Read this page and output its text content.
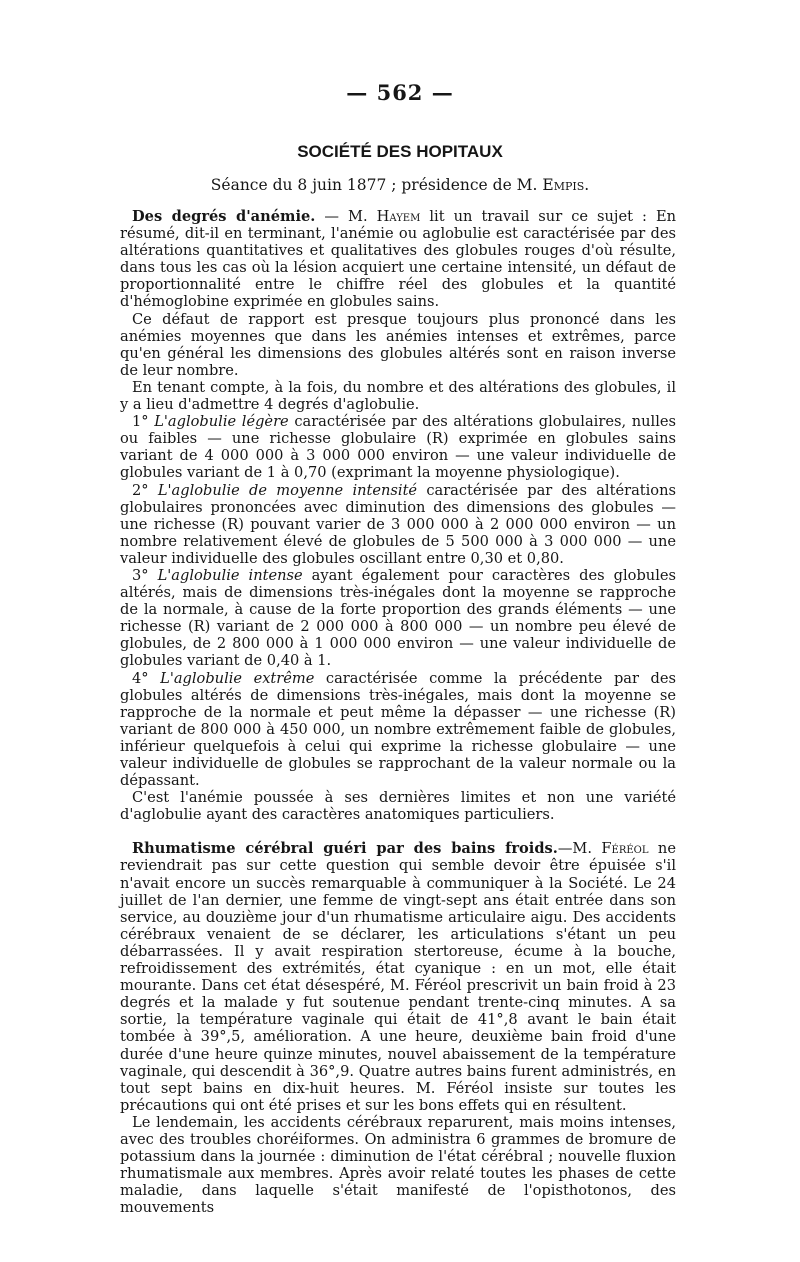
— 562 —
SOCIÉTÉ DES HOPITAUX
Séance du 8 juin 1877 ; présidence de M. Empis.

Des degrés d'anémie. — M. Hayem lit un travail sur ce sujet : En résumé, dit-il en terminant, l'anémie ou aglobulie est caractérisée par des altérations quantitatives et qualitatives des globules rouges d'où résulte, dans tous les cas où la lésion acquiert une certaine intensité, un défaut de proportionnalité entre le chiffre réel des globules et la quantité d'hémoglobine exprimée en globules sains.

Ce défaut de rapport est presque toujours plus prononcé dans les anémies moyennes que dans les anémies intenses et extrêmes, parce qu'en général les dimensions des globules altérés sont en raison inverse de leur nombre.

En tenant compte, à la fois, du nombre et des altérations des globules, il y a lieu d'admettre 4 degrés d'aglobulie.

1° L'aglobulie légère caractérisée par des altérations globulaires, nulles ou faibles — une richesse globulaire (R) exprimée en globules sains variant de 4 000 000 à 3 000 000 environ — une valeur individuelle de globules variant de 1 à 0,70 (exprimant la moyenne physiologique).

2° L'aglobulie de moyenne intensité caractérisée par des altérations globulaires prononcées avec diminution des dimensions des globules — une richesse (R) pouvant varier de 3 000 000 à 2 000 000 environ — un nombre relativement élevé de globules de 5 500 000 à 3 000 000 — une valeur individuelle des globules oscillant entre 0,30 et 0,80.

3° L'aglobulie intense ayant également pour caractères des globules altérés, mais de dimensions très-inégales dont la moyenne se rapproche de la normale, à cause de la forte proportion des grands éléments — une richesse (R) variant de 2 000 000 à 800 000 — un nombre peu élevé de globules, de 2 800 000 à 1 000 000 environ — une valeur individuelle de globules variant de 0,40 à 1.

4° L'aglobulie extrême caractérisée comme la précédente par des globules altérés de dimensions très-inégales, mais dont la moyenne se rapproche de la normale et peut même la dépasser — une richesse (R) variant de 800 000 à 450 000, un nombre extrêmement faible de globules, inférieur quelquefois à celui qui exprime la richesse globulaire — une valeur individuelle de globules se rapprochant de la valeur normale ou la dépassant.

C'est l'anémie poussée à ses dernières limites et non une variété d'aglobulie ayant des caractères anatomiques particuliers.

Rhumatisme cérébral guéri par des bains froids.—M. Féréol ne reviendrait pas sur cette question qui semble devoir être épuisée s'il n'avait encore un succès remarquable à communiquer à la Société. Le 24 juillet de l'an dernier, une femme de vingt-sept ans était entrée dans son service, au douzième jour d'un rhumatisme articulaire aigu. Des accidents cérébraux venaient de se déclarer, les articulations s'étant un peu débarrassées. Il y avait respiration stertoreuse, écume à la bouche, refroidissement des extrémités, état cyanique : en un mot, elle était mourante. Dans cet état désespéré, M. Féréol prescrivit un bain froid à 23 degrés et la malade y fut soutenue pendant trente-cinq minutes. A sa sortie, la température vaginale qui était de 41°,8 avant le bain était tombée à 39°,5, amélioration. A une heure, deuxième bain froid d'une durée d'une heure quinze minutes, nouvel abaissement de la température vaginale, qui descendit à 36°,9. Quatre autres bains furent administrés, en tout sept bains en dix-huit heures. M. Féréol insiste sur toutes les précautions qui ont été prises et sur les bons effets qui en résultent.

Le lendemain, les accidents cérébraux reparurent, mais moins intenses, avec des troubles choréiformes. On administra 6 grammes de bromure de potassium dans la journée : diminution de l'état cérébral ; nouvelle fluxion rhumatismale aux membres. Après avoir relaté toutes les phases de cette maladie, dans laquelle s'était manifesté de l'opisthotonos, des mouvements
